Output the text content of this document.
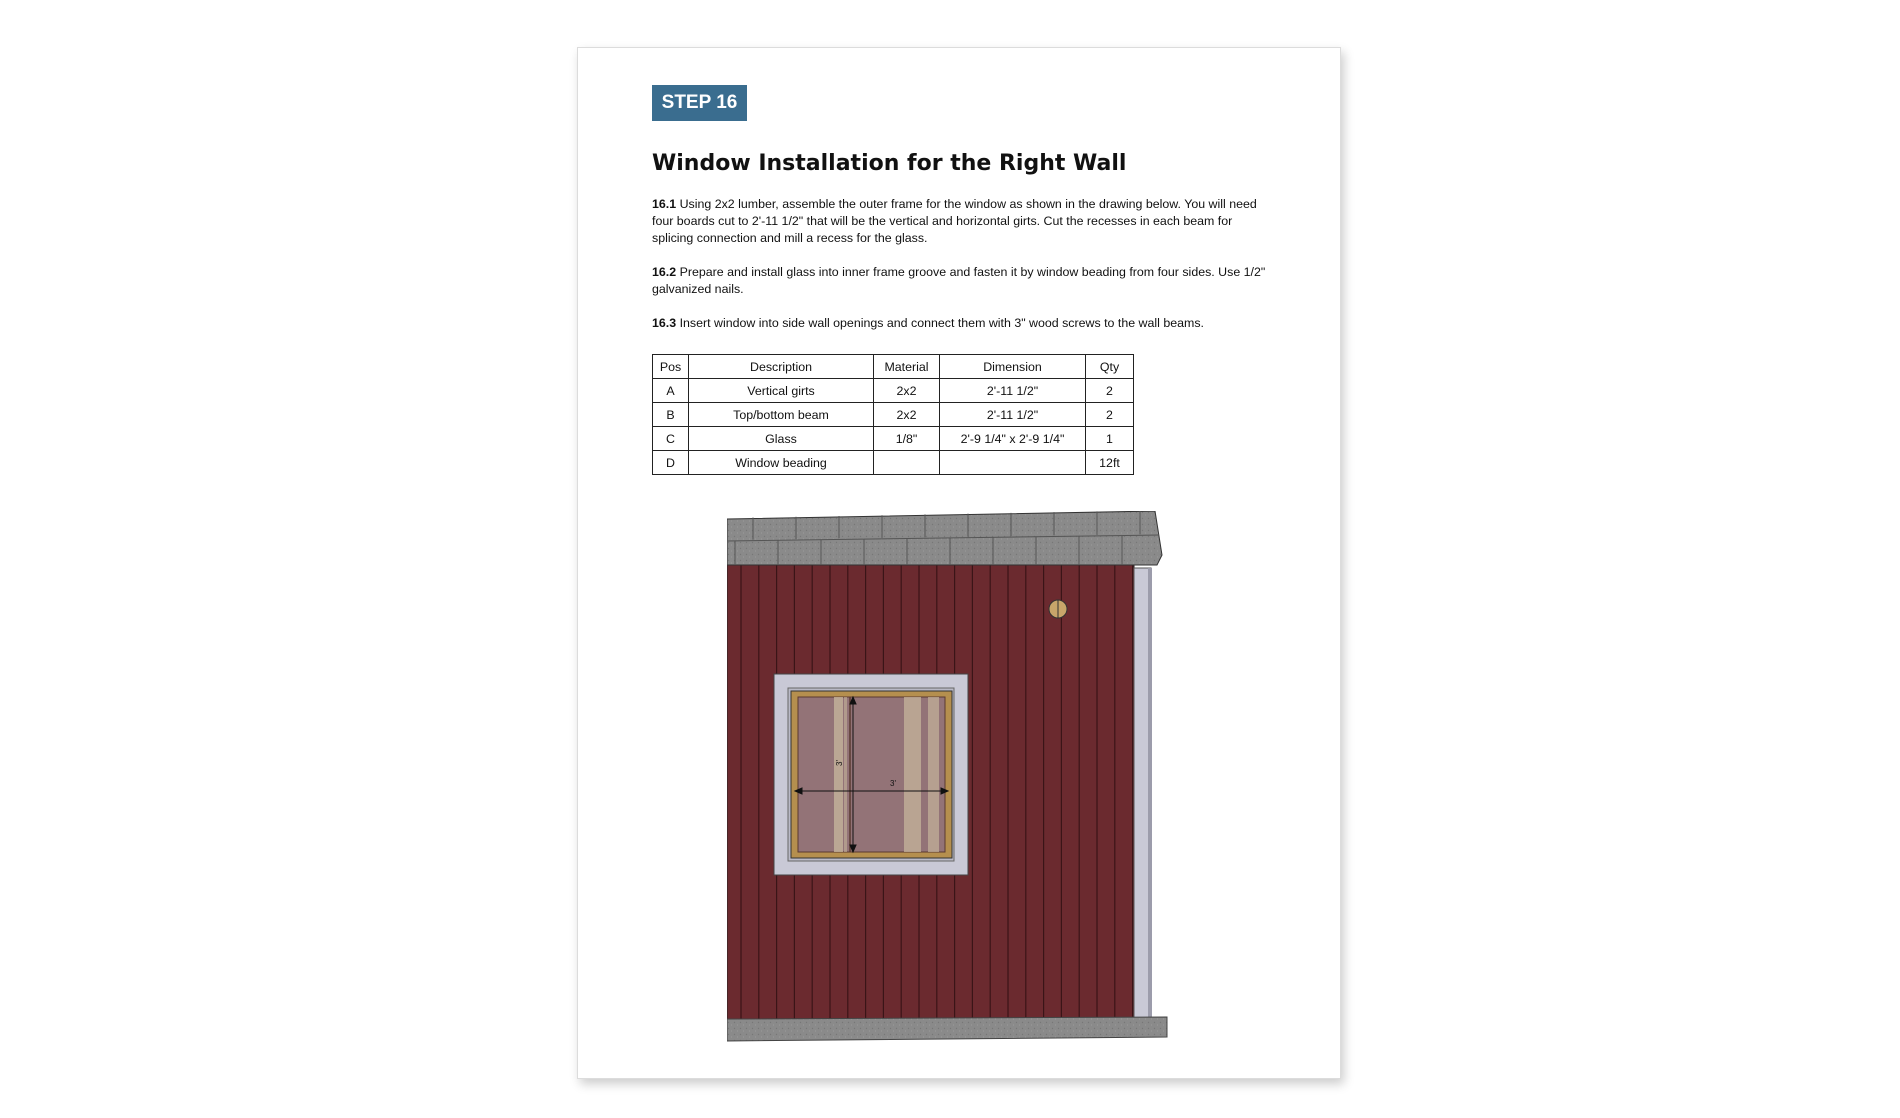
STEP 16
Window Installation for the Right Wall

16.1 Using 2x2 lumber, assemble the outer frame for the window as shown in the drawing below. You will need four boards cut to 2'-11 1/2" that will be the vertical and horizontal girts. Cut the recesses in each beam for splicing connection and mill a recess for the glass.

16.2 Prepare and install glass into inner frame groove and fasten it by window beading from four sides. Use 1/2" galvanized nails.

16.3 Insert window into side wall openings and connect them with 3" wood screws to the wall beams.

Pos	Description	Material	Dimension	Qty
A	Vertical girts	2x2	2'-11 1/2"	2
B	Top/bottom beam	2x2	2'-11 1/2"	2
C	Glass	1/8"	2'-9 1/4" x 2'-9 1/4"	1
D	Window beading			12ft
3'
3'
